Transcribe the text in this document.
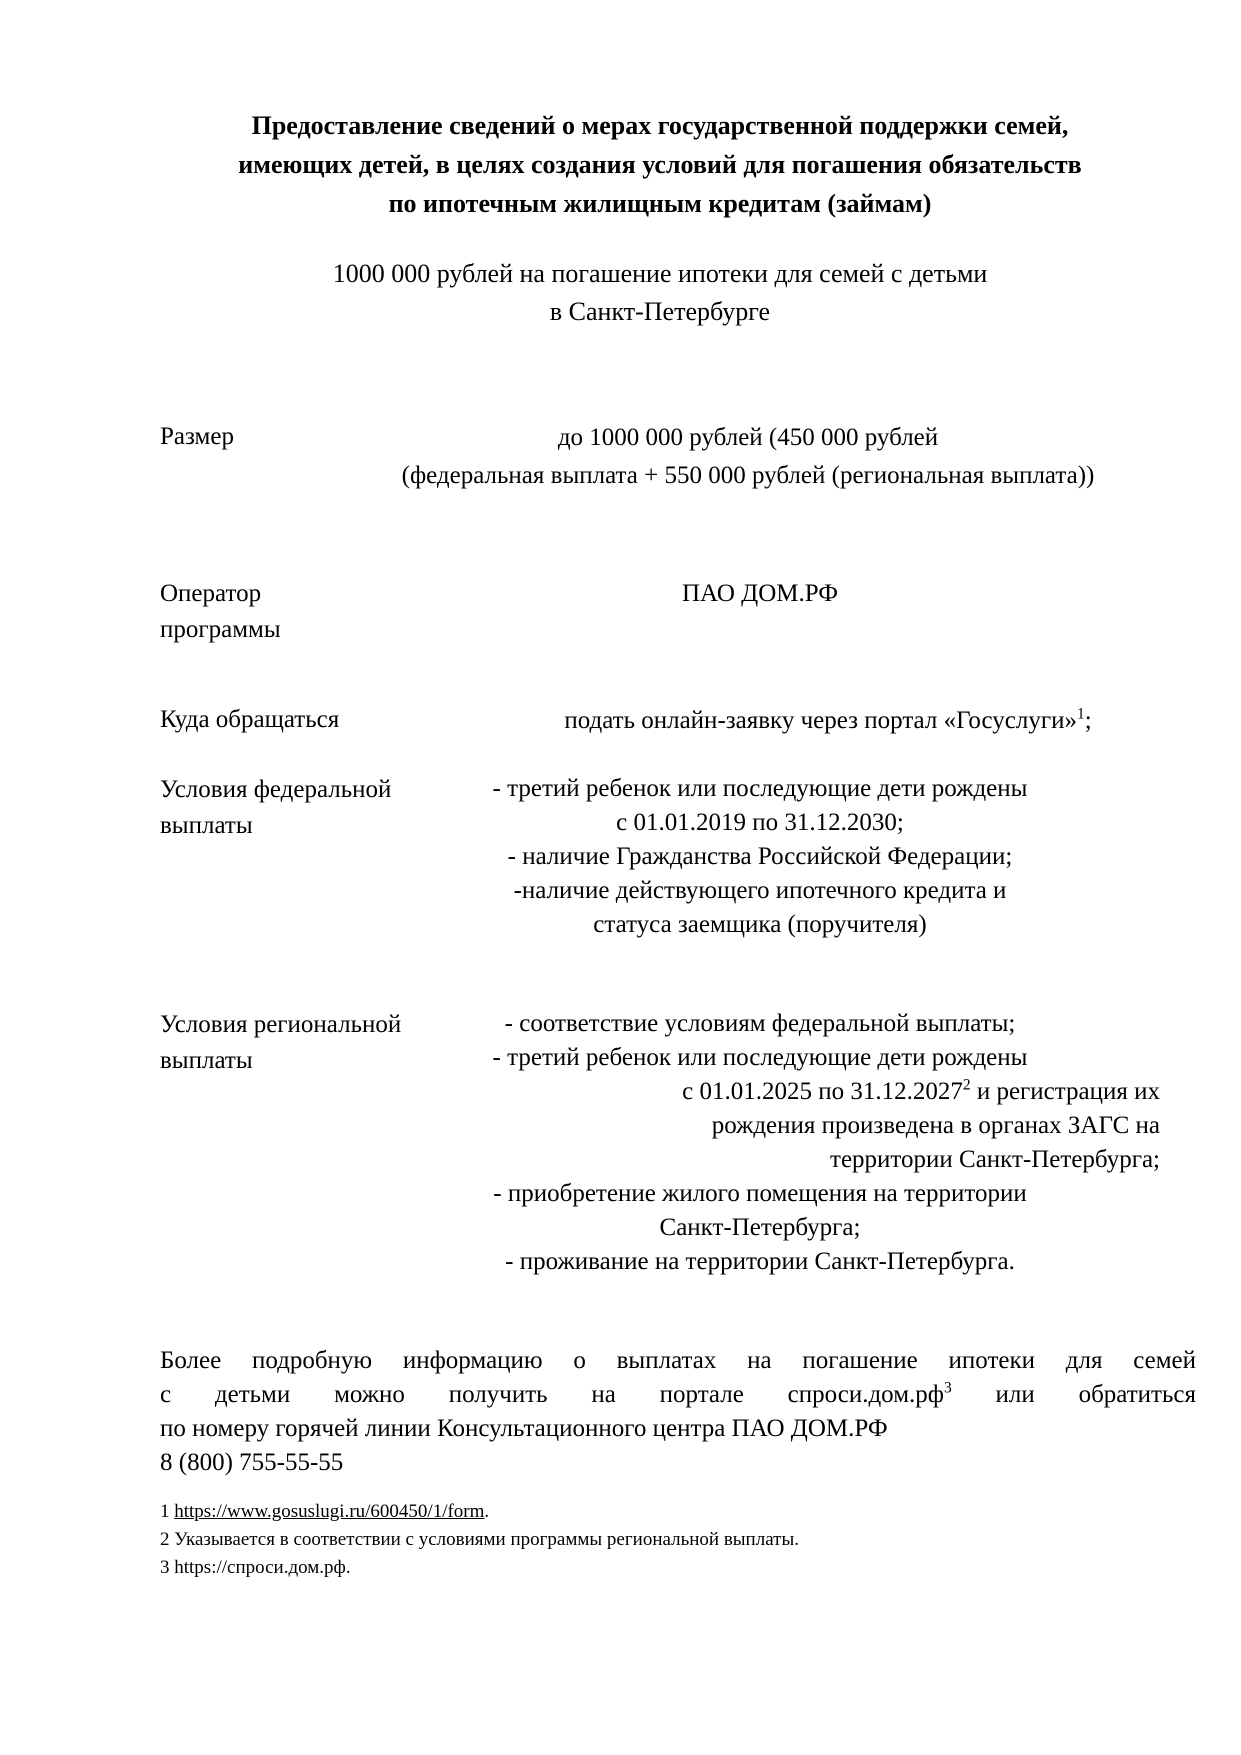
Предоставление сведений о мерах государственной поддержки семей,
имеющих детей, в целях создания условий для погашения обязательств
по ипотечным жилищным кредитам (займам)
1000 000 рублей на погашение ипотеки для семей с детьми
в Санкт-Петербурге
Размер	до 1000 000 рублей (450 000 рублей
(федеральная выплата + 550 000 рублей (региональная выплата))
Оператор
программы
ПАО ДОМ.РФ
Куда обращаться	подать онлайн-заявку через портал «Госуслуги»$^1$;
Условия федеральной
выплаты
- третий ребенок или последующие дети рождены
с 01.01.2019 по 31.12.2030;
- наличие Гражданства Российской Федерации;
-наличие действующего ипотечного кредита и
статуса заемщика (поручителя)
Условия региональной
выплаты
- соответствие условиям федеральной выплаты;
- третий ребенок или последующие дети рождены
с 01.01.2025 по 31.12.2027$^2$ и регистрация их
рождения произведена в органах ЗАГС на
территории Санкт-Петербурга;
- приобретение жилого помещения на территории
Санкт-Петербурга;
- проживание на территории Санкт-Петербурга.
Более подробную информацию о выплатах на погашение ипотеки для семей
с детьми можно получить на портале $спроси.дом.рф^3$ или обратиться
по номеру горячей линии Консультационного центра ПАО ДОМ.РФ
8 (800) 755-55-55
1 https://www.gosuslugi.ru/600450/1/form.
2 Указывается в соответствии с условиями программы региональной выплаты.
3 https://спроси.дом.рф.
